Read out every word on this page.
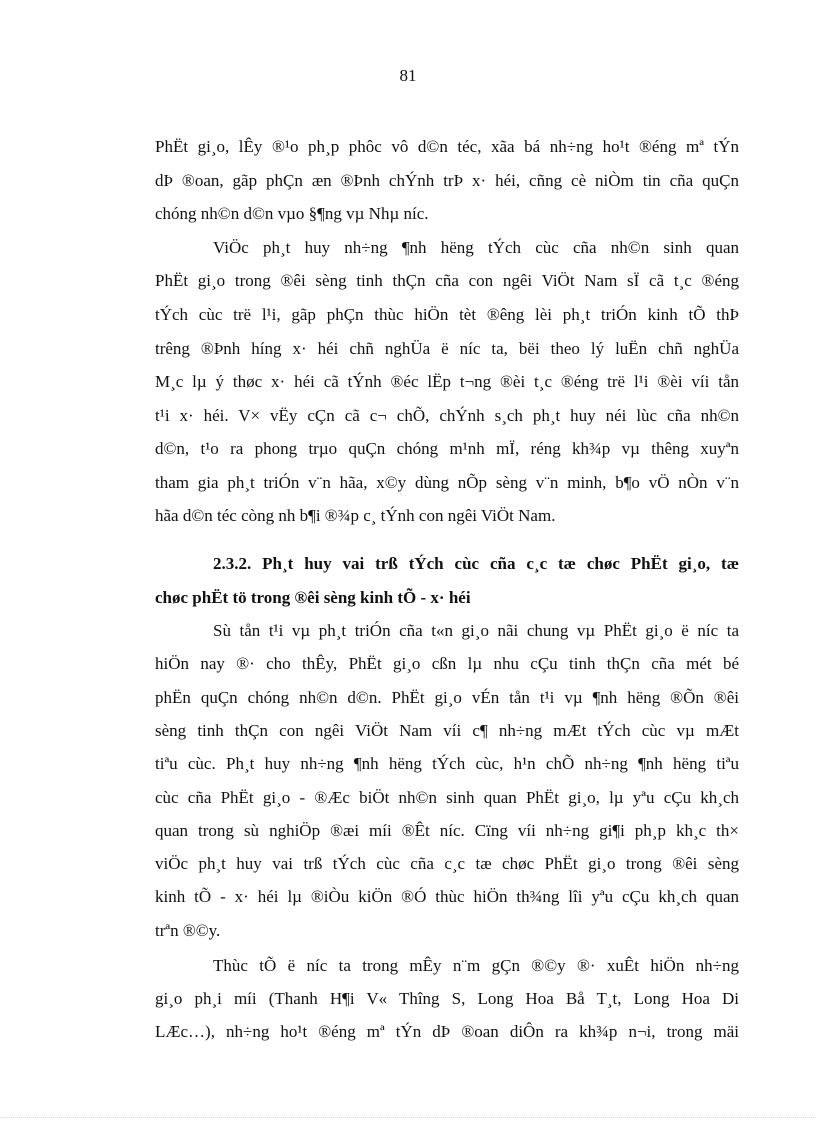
81
PhËt gi¸o, lÊy ®¹o ph¸p phôc vô d©n téc, xãa bá nh÷ng ho¹t ®éng mª tÝn
dÞ ®oan, gãp phÇn æn ®Þnh chÝnh trÞ x· héi, cñng cè niÒm tin cña quÇn
chóng nh©n d©n vµo §¶ng vµ Nhµ níc.
ViÖc ph¸t huy nh÷ng ¶nh hëng tÝch cùc cña nh©n sinh quan
PhËt gi¸o trong ®êi sèng tinh thÇn cña con ngêi ViÖt Nam sÏ cã t¸c ®éng
tÝch cùc trë l¹i, gãp phÇn thùc hiÖn tèt ®êng lèi ph¸t triÓn kinh tÕ thÞ
trêng ®Þnh híng x· héi chñ nghÜa ë níc ta, bëi theo lý luËn chñ nghÜa
M¸c lµ ý thøc x· héi cã tÝnh ®éc lËp t¬ng ®èi t¸c ®éng trë l¹i ®èi víi tån
t¹i x· héi. V× vËy cÇn cã c¬ chÕ, chÝnh s¸ch ph¸t huy néi lùc cña nh©n
d©n, t¹o ra phong trµo quÇn chóng m¹nh mÏ, réng kh¾p vµ thêng xuyªn
tham gia ph¸t triÓn v¨n hãa, x©y dùng nÕp sèng v¨n minh, b¶o vÖ nÒn v¨n
hãa d©n téc còng nh b¶i ®¾p c¸ tÝnh con ngêi ViÖt Nam.
2.3.2. Ph¸t huy vai trß tÝch cùc cña c¸c tæ chøc PhËt gi¸o, tæ
chøc phËt tö trong ®êi sèng kinh tÕ - x· héi
Sù tån t¹i vµ ph¸t triÓn cña t«n gi¸o nãi chung vµ PhËt gi¸o ë níc ta
hiÖn nay ®· cho thÊy, PhËt gi¸o cßn lµ nhu cÇu tinh thÇn cña mét bé
phËn quÇn chóng nh©n d©n. PhËt gi¸o vÉn tån t¹i vµ ¶nh hëng ®Õn ®êi
sèng tinh thÇn con ngêi ViÖt Nam víi c¶ nh÷ng mÆt tÝch cùc vµ mÆt
tiªu cùc. Ph¸t huy nh÷ng ¶nh hëng tÝch cùc, h¹n chÕ nh÷ng ¶nh hëng tiªu
cùc cña PhËt gi¸o - ®Æc biÖt nh©n sinh quan PhËt gi¸o, lµ yªu cÇu kh¸ch
quan trong sù nghiÖp ®æi míi ®Êt níc. Cïng víi nh÷ng gi¶i ph¸p kh¸c th×
viÖc ph¸t huy vai trß tÝch cùc cña c¸c tæ chøc PhËt gi¸o trong ®êi sèng
kinh tÕ - x· héi lµ ®iÒu kiÖn ®Ó thùc hiÖn th¾ng lîi yªu cÇu kh¸ch quan
trªn ®©y.
Thùc tÕ ë níc ta trong mÊy n¨m gÇn ®©y ®· xuÊt hiÖn nh÷ng
gi¸o ph¸i míi (Thanh H¶i V« Thîng S, Long Hoa Bå T¸t, Long Hoa Di
LÆc…), nh÷ng ho¹t ®éng mª tÝn dÞ ®oan diÔn ra kh¾p n¬i, trong mäi
